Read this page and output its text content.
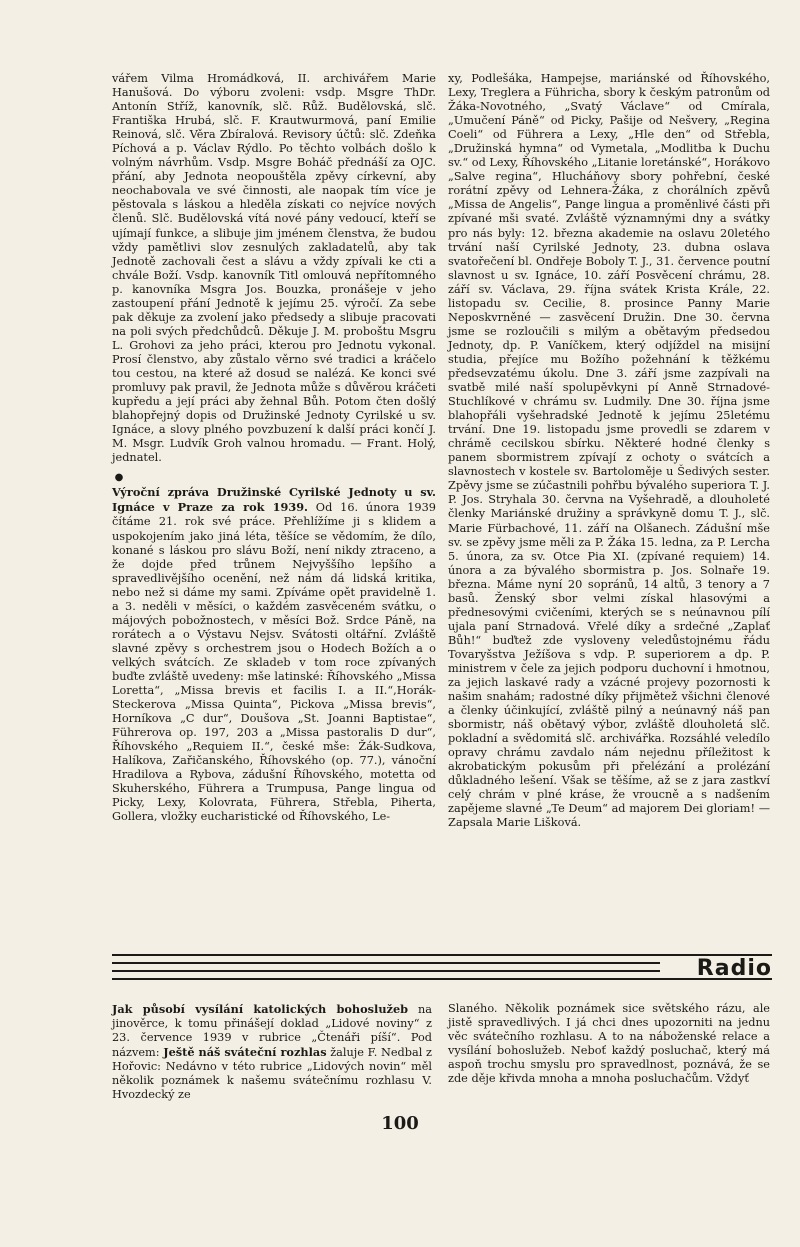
vářem Vilma Hromádková, II. archivářem Marie Hanušová. Do výboru zvoleni: vsdp. Msgre ThDr. Antonín Stříž, kanovník, slč. Růž. Budělovská, slč. Františka Hrubá, slč. F. Krautwurmová, paní Emilie Reinová, slč. Věra Zbíralová. Revisory účtů: slč. Zdeňka Píchová a p. Václav Rýdlo. Po těchto volbách došlo k volným návrhům. Vsdp. Msgre Boháč přednáší za OJC. přání, aby Jednota neopouštěla zpěvy církevní, aby neochabovala ve své činnosti, ale naopak tím více je pěstovala s láskou a hleděla získati co nejvíce nových členů. Slč. Budělovská vítá nové pány vedoucí, kteří se ujímají funkce, a slibuje jim jménem členstva, že budou vždy pamětlivi slov zesnulých zakladatelů, aby tak Jednotě zachovali čest a slávu a vždy zpívali ke cti a chvále Boží. Vsdp. kanovník Titl omlouvá nepřítomného p. kanovníka Msgra Jos. Bouzka, pronášeje v jeho zastoupení přání Jednotě k jejímu 25. výročí. Za sebe pak děkuje za zvolení jako předsedy a slibuje pracovati na poli svých předchůdců. Děkuje J. M. proboštu Msgru L. Grohovi za jeho práci, kterou pro Jednotu vykonal. Prosí členstvo, aby zůstalo věrno své tradici a kráčelo tou cestou, na které až dosud se nalézá. Ke konci své promluvy pak pravil, že Jednota může s důvěrou kráčeti kupředu a její práci aby žehnal Bůh. Potom čten došlý blahopřejný dopis od Družinské Jednoty Cyrilské u sv. Ignáce, a slovy plného povzbuzení k další práci končí J. M. Msgr. Ludvík Groh valnou hromadu. — Frant. Holý, jednatel.

●

Výroční zpráva Družinské Cyrilské Jednoty u sv. Ignáce v Praze za rok 1939. Od 16. února 1939 čítáme 21. rok své práce. Přehlížíme ji s klidem a uspokojením jako jiná léta, těšíce se vědomím, že dílo, konané s láskou pro slávu Boží, není nikdy ztraceno, a že dojde před trůnem Nejvyššího lepšího a spravedlivějšího ocenění, než nám dá lidská kritika, nebo než si dáme my sami. Zpíváme opět pravidelně 1. a 3. neděli v měsíci, o každém zasvěceném svátku, o májových pobožnostech, v měsíci Bož. Srdce Páně, na rorátech a o Výstavu Nejsv. Svátosti oltářní. Zvláště slavné zpěvy s orchestrem jsou o Hodech Božích a o velkých svátcích. Ze skladeb v tom roce zpívaných buďte zvláště uvedeny: mše latinské: Říhovského „Missa Loretta“, „Missa brevis et facilis I. a II.“,Horák-Steckerova „Missa Quinta“, Pickova „Missa brevis“, Horníkova „C dur“, Doušova „St. Joanni Baptistae“, Führerova op. 197, 203 a „Missa pastoralis D dur“, Říhovského „Requiem II.“, české mše: Žák-Sudkova, Halíkova, Zařičanského, Říhovského (op. 77.), vánoční Hradilova a Rybova, zádušní Říhovského, motetta od Skuherského, Führera a Trumpusa, Pange lingua od Picky, Lexy, Kolovrata, Führera, Střebla, Piherta, Gollera, vložky eucharistické od Říhovského, Le-

xy, Podlešáka, Hampejse, mariánské od Říhovského, Lexy, Treglera a Führicha, sbory k českým patronům od Žáka-Novotného, „Svatý Václave“ od Cmírala, „Umučení Páně“ od Picky, Pašije od Nešvery, „Regina Coeli“ od Führera a Lexy, „Hle den“ od Střebla, „Družinská hymna“ od Vymetala, „Modlitba k Duchu sv.“ od Lexy, Říhovského „Litanie loretánské“, Horákovo „Salve regina“, Hlucháňovy sbory pohřební, české rorátní zpěvy od Lehnera-Žáka, z chorálních zpěvů „Missa de Angelis“, Pange lingua a proměnlivé části při zpívané mši svaté. Zvláště významnými dny a svátky pro nás byly: 12. března akademie na oslavu 20letého trvání naší Cyrilské Jednoty, 23. dubna oslava svatořečení bl. Ondřeje Boboly T. J., 31. července poutní slavnost u sv. Ignáce, 10. září Posvěcení chrámu, 28. září sv. Václava, 29. října svátek Krista Krále, 22. listopadu sv. Cecilie, 8. prosince Panny Marie Neposkvrněné — zasvěcení Družin. Dne 30. června jsme se rozloučili s milým a obětavým předsedou Jednoty, dp. P. Vaníčkem, který odjíždel na misijní studia, přejíce mu Božího požehnání k těžkému předsevzatému úkolu. Dne 3. září jsme zazpívali na svatbě milé naší spolupěvkyni pí Anně Strnadové-Stuchlíkové v chrámu sv. Ludmily. Dne 30. října jsme blahopřáli vyšehradské Jednotě k jejímu 25letému trvání. Dne 19. listopadu jsme provedli se zdarem v chrámě cecilskou sbírku. Některé hodné členky s panem sbormistrem zpívají z ochoty o svátcích a slavnostech v kostele sv. Bartoloměje u Šedivých sester. Zpěvy jsme se zúčastnili pohřbu bývalého superiora T. J. P. Jos. Stryhala 30. června na Vyšehradě, a dlouholeté členky Mariánské družiny a správkyně domu T. J., slč. Marie Fürbachové, 11. září na Olšanech. Zádušní mše sv. se zpěvy jsme měli za P. Žáka 15. ledna, za P. Lercha 5. února, za sv. Otce Pia XI. (zpívané requiem) 14. února a za bývalého sbormistra p. Jos. Solnaře 19. března. Máme nyní 20 sopránů, 14 altů, 3 tenory a 7 basů. Ženský sbor velmi získal hlasovými a přednesovými cvičeními, kterých se s neúnavnou pílí ujala paní Strnadová. Vřelé díky a srdečné „Zaplať Bůh!“ buďtež zde vysloveny veledůstojnému řádu Tovaryšstva Ježíšova s vdp. P. superiorem a dp. P. ministrem v čele za jejich podporu duchovní i hmotnou, za jejich laskavé rady a vzácné projevy pozornosti k našim snahám; radostné díky přijmětež všichni členové a členky účinkující, zvláště pilný a neúnavný náš pan sbormistr, náš obětavý výbor, zvláště dlouholetá slč. pokladní a svědomitá slč. archivářka. Rozsáhlé veledílo opravy chrámu zavdalo nám nejednu příležitost k akrobatickým pokusům při přelézání a prolézání důkladného lešení. Však se těšíme, až se z jara zastkví celý chrám v plné kráse, že vroucně a s nadšením zapějeme slavné „Te Deum“ ad majorem Dei gloriam! — Zapsala Marie Lišková.

Radio

Jak působí vysílání katolických bohoslužeb na jinověrce, k tomu přinášejí doklad „Lidové noviny“ z 23. července 1939 v rubrice „Čtenáři píší“. Pod názvem: Ještě náš sváteční rozhlas žaluje F. Nedbal z Hořovic: Nedávno v této rubrice „Lidových novin“ měl několik poznámek k našemu svátečnímu rozhlasu V. Hvozdecký ze

Slaného. Několik poznámek sice světského rázu, ale jistě spravedlivých. I já chci dnes upozorniti na jednu věc svátečního rozhlasu. A to na náboženské relace a vysílání bohoslužeb. Neboť každý posluchač, který má aspoň trochu smyslu pro spravedlnost, poznává, že se zde děje křivda mnoha a mnoha posluchačům. Vždyť

100
